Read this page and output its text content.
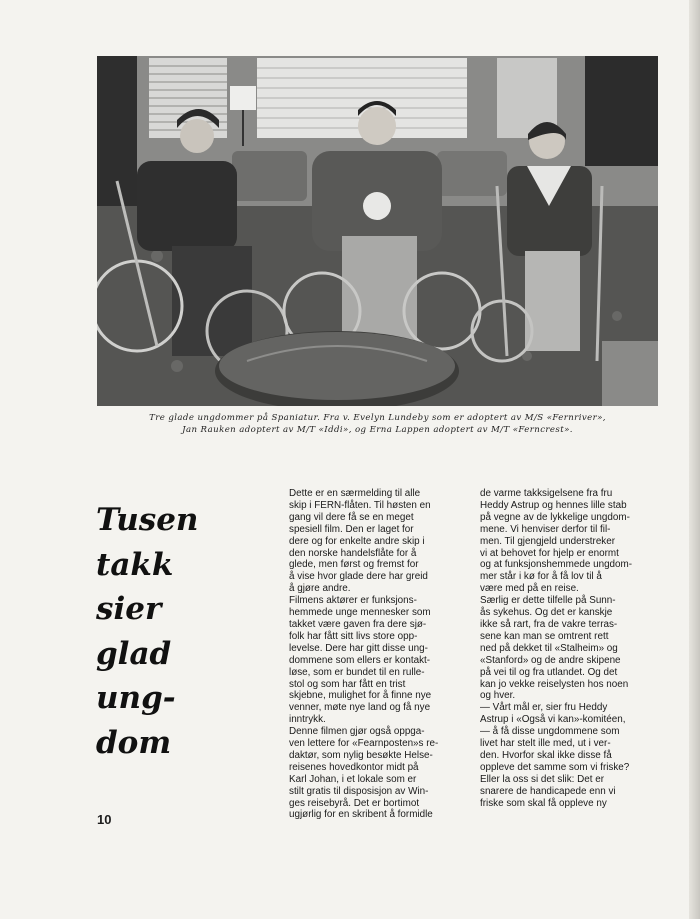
Tre glade ungdommer på Spaniatur. Fra v. Evelyn Lundeby som er adoptert av M/S «Fernriver»,
Jan Rauken adoptert av M/T «Iddi», og Erna Lappen adoptert av M/T «Ferncrest».
Tusen
takk
sier
glad
ung-
dom
10

Dette er en særmelding til alle
skip i FERN-flåten. Til høsten en
gang vil dere få se en meget
spesiell film. Den er laget for
dere og for enkelte andre skip i
den norske handelsflåte for å
glede, men først og fremst for
å vise hvor glade dere har greid
å gjøre andre.
Filmens aktører er funksjons-
hemmede unge mennesker som
takket være gaven fra dere sjø-
folk har fått sitt livs store opp-
levelse. Dere har gitt disse ung-
dommene som ellers er kontakt-
løse, som er bundet til en rulle-
stol og som har fått en trist
skjebne, mulighet for å finne nye
venner, møte nye land og få nye
inntrykk.
Denne filmen gjør også oppga-
ven lettere for «Fearnposten»s re-
daktør, som nylig besøkte Helse-
reisenes hovedkontor midt på
Karl Johan, i et lokale som er
stilt gratis til disposisjon av Win-
ges reisebyrå. Det er bortimot
ugjørlig for en skribent å formidle

de varme takksigelsene fra fru
Heddy Astrup og hennes lille stab
på vegne av de lykkelige ungdom-
mene. Vi henviser derfor til fil-
men. Til gjengjeld understreker
vi at behovet for hjelp er enormt
og at funksjonshemmede ungdom-
mer står i kø for å få lov til å
være med på en reise.
Særlig er dette tilfelle på Sunn-
ås sykehus. Og det er kanskje
ikke så rart, fra de vakre terras-
sene kan man se omtrent rett
ned på dekket til «Stalheim» og
«Stanford» og de andre skipene
på vei til og fra utlandet. Og det
kan jo vekke reiselysten hos noen
og hver.
— Vårt mål er, sier fru Heddy
Astrup i «Også vi kan»-komitéen,
— å få disse ungdommene som
livet har stelt ille med, ut i ver-
den. Hvorfor skal ikke disse få
oppleve det samme som vi friske?
Eller la oss si det slik: Det er
snarere de handicapede enn vi
friske som skal få oppleve ny
